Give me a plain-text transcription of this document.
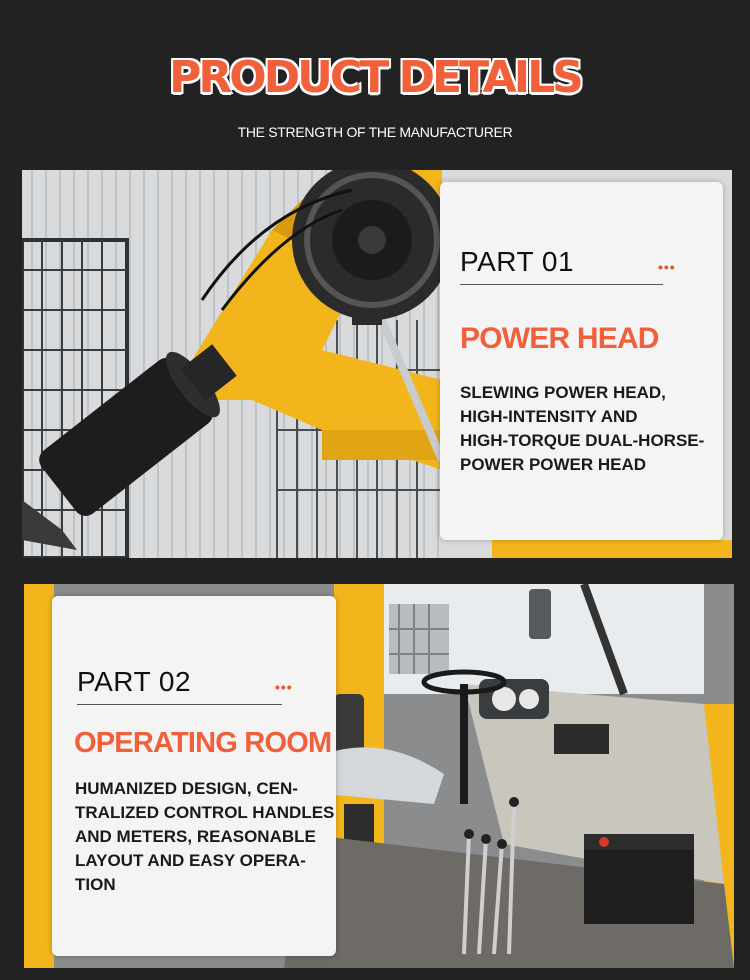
PRODUCT DETAILS
THE STRENGTH OF THE MANUFACTURER
PART 01	•••
POWER HEAD
SLEWING POWER HEAD,
HIGH-INTENSITY AND
HIGH-TORQUE DUAL-HORSE-
POWER POWER HEAD
PART 02	•••
OPERATING ROOM
HUMANIZED DESIGN, CEN-
TRALIZED CONTROL HANDLES
AND METERS, REASONABLE
LAYOUT AND EASY OPERA-
TION
